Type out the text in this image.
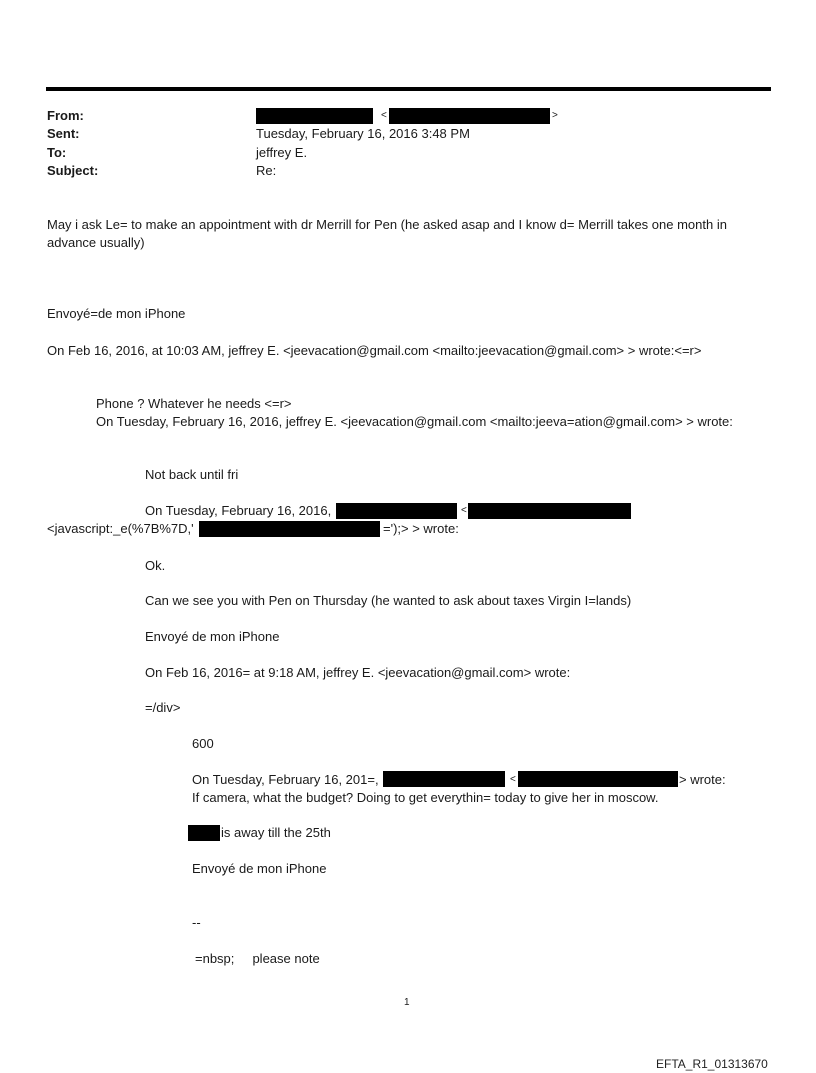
From:	<	>
Sent:	Tuesday, February 16, 2016 3:48 PM
To:	jeffrey E.
Subject:	Re:
May i ask Le= to make an appointment with dr Merrill for Pen (he asked asap and I know d= Merrill takes one month in
advance usually)
Envoyé=de mon iPhone
On Feb 16, 2016, at 10:03 AM, jeffrey E. <jeevacation@gmail.com <mailto:jeevacation@gmail.com> > wrote:<=r>
Phone ? Whatever he needs <=r>
On Tuesday, February 16, 2016, jeffrey E. <jeevacation@gmail.com <mailto:jeeva=ation@gmail.com> > wrote:
Not back until fri
On Tuesday, February 16, 2016,	<
<javascript:_e(%7B%7D,'	=');> > wrote:
Ok.
Can we see you with Pen on Thursday (he wanted to ask about taxes Virgin I=lands)
Envoyé de mon iPhone
On Feb 16, 2016= at 9:18 AM, jeffrey E. <jeevacation@gmail.com> wrote:
=/div>
600
On Tuesday, February 16, 201=,	<	> wrote:
If camera, what the budget? Doing to get everythin= today to give her in moscow.
is away till the 25th
Envoyé de mon iPhone
--
=nbsp;     please note
1
EFTA_R1_01313670
